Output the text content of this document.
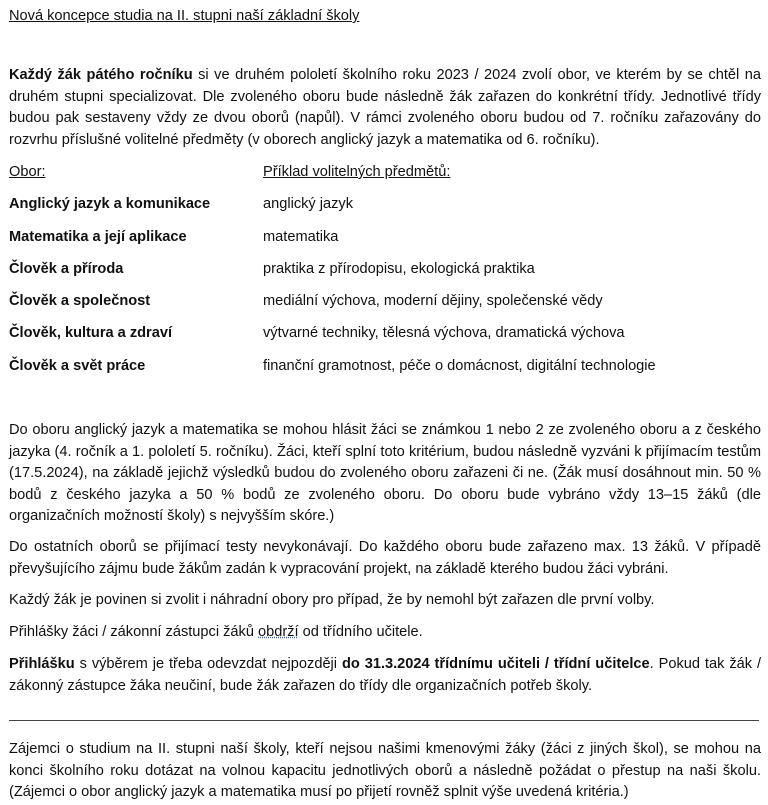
Nová koncepce studia na II. stupni naší základní školy
Každý žák pátého ročníku si ve druhém pololetí školního roku 2023 / 2024 zvolí obor, ve kterém by se chtěl na druhém stupni specializovat. Dle zvoleného oboru bude následně žák zařazen do konkrétní třídy. Jednotlivé třídy budou pak sestaveny vždy ze dvou oborů (napůl). V rámci zvoleného oboru budou od 7. ročníku zařazovány do rozvrhu příslušné volitelné předměty (v oborech anglický jazyk a matematika od 6. ročníku).
Obor:	Příklad volitelných předmětů:
Anglický jazyk a komunikace	anglický jazyk
Matematika a její aplikace	matematika
Člověk a příroda	praktika z přírodopisu, ekologická praktika
Člověk a společnost	mediální výchova, moderní dějiny, společenské vědy
Člověk, kultura a zdraví	výtvarné techniky, tělesná výchova, dramatická výchova
Člověk a svět práce	finanční gramotnost, péče o domácnost, digitální technologie
Do oboru anglický jazyk a matematika se mohou hlásit žáci se známkou 1 nebo 2 ze zvoleného oboru a z českého jazyka (4. ročník a 1. pololetí 5. ročníku). Žáci, kteří splní toto kritérium, budou následně vyzváni k přijímacím testům (17.5.2024), na základě jejichž výsledků budou do zvoleného oboru zařazeni či ne. (Žák musí dosáhnout min. 50 % bodů z českého jazyka a 50 % bodů ze zvoleného oboru. Do oboru bude vybráno vždy 13–15 žáků (dle organizačních možností školy) s nejvyšším skóre.)
Do ostatních oborů se přijímací testy nevykonávají. Do každého oboru bude zařazeno max. 13 žáků. V případě převyšujícího zájmu bude žákům zadán k vypracování projekt, na základě kterého budou žáci vybráni.
Každý žák je povinen si zvolit i náhradní obory pro případ, že by nemohl být zařazen dle první volby.
Přihlášky žáci / zákonní zástupci žáků obdrží od třídního učitele.
Přihlášku s výběrem je třeba odevzdat nejpozději do 31.3.2024 třídnímu učiteli / třídní učitelce. Pokud tak žák / zákonný zástupce žáka neučiní, bude žák zařazen do třídy dle organizačních potřeb školy.
Zájemci o studium na II. stupni naší školy, kteří nejsou našimi kmenovými žáky (žáci z jiných škol), se mohou na konci školního roku dotázat na volnou kapacitu jednotlivých oborů a následně požádat o přestup na naši školu. (Zájemci o obor anglický jazyk a matematika musí po přijetí rovněž splnit výše uvedená kritéria.)
